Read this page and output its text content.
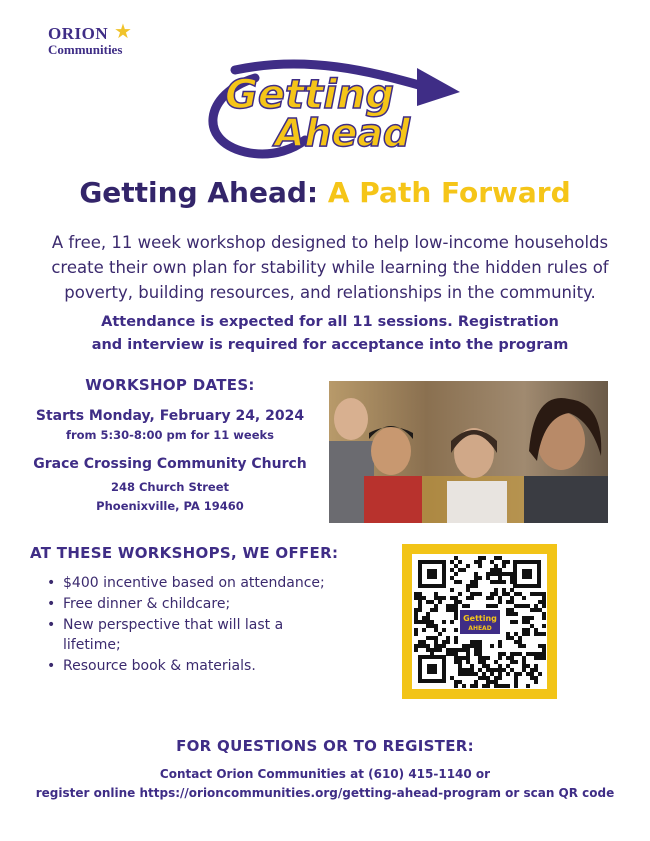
ORION ★
Communities
Getting
Ahead
Getting Ahead: A Path Forward
A free, 11 week workshop designed to help low-income households create their own plan for stability while learning the hidden rules of poverty, building resources, and relationships in the community.
Attendance is expected for all 11 sessions. Registration and interview is required for acceptance into the program
WORKSHOP DATES:
Starts Monday, February 24, 2024
from 5:30-8:00 pm for 11 weeks
Grace Crossing Community Church
248 Church Street
Phoenixville, PA 19460
AT THESE WORKSHOPS, WE OFFER:
• $400 incentive based on attendance;
• Free dinner & childcare;
• New perspective that will last a lifetime;
• Resource book & materials.
Getting
AHEAD
FOR QUESTIONS OR TO REGISTER:
Contact Orion Communities at (610) 415-1140 or
register online https://orioncommunities.org/getting-ahead-program or scan QR code
